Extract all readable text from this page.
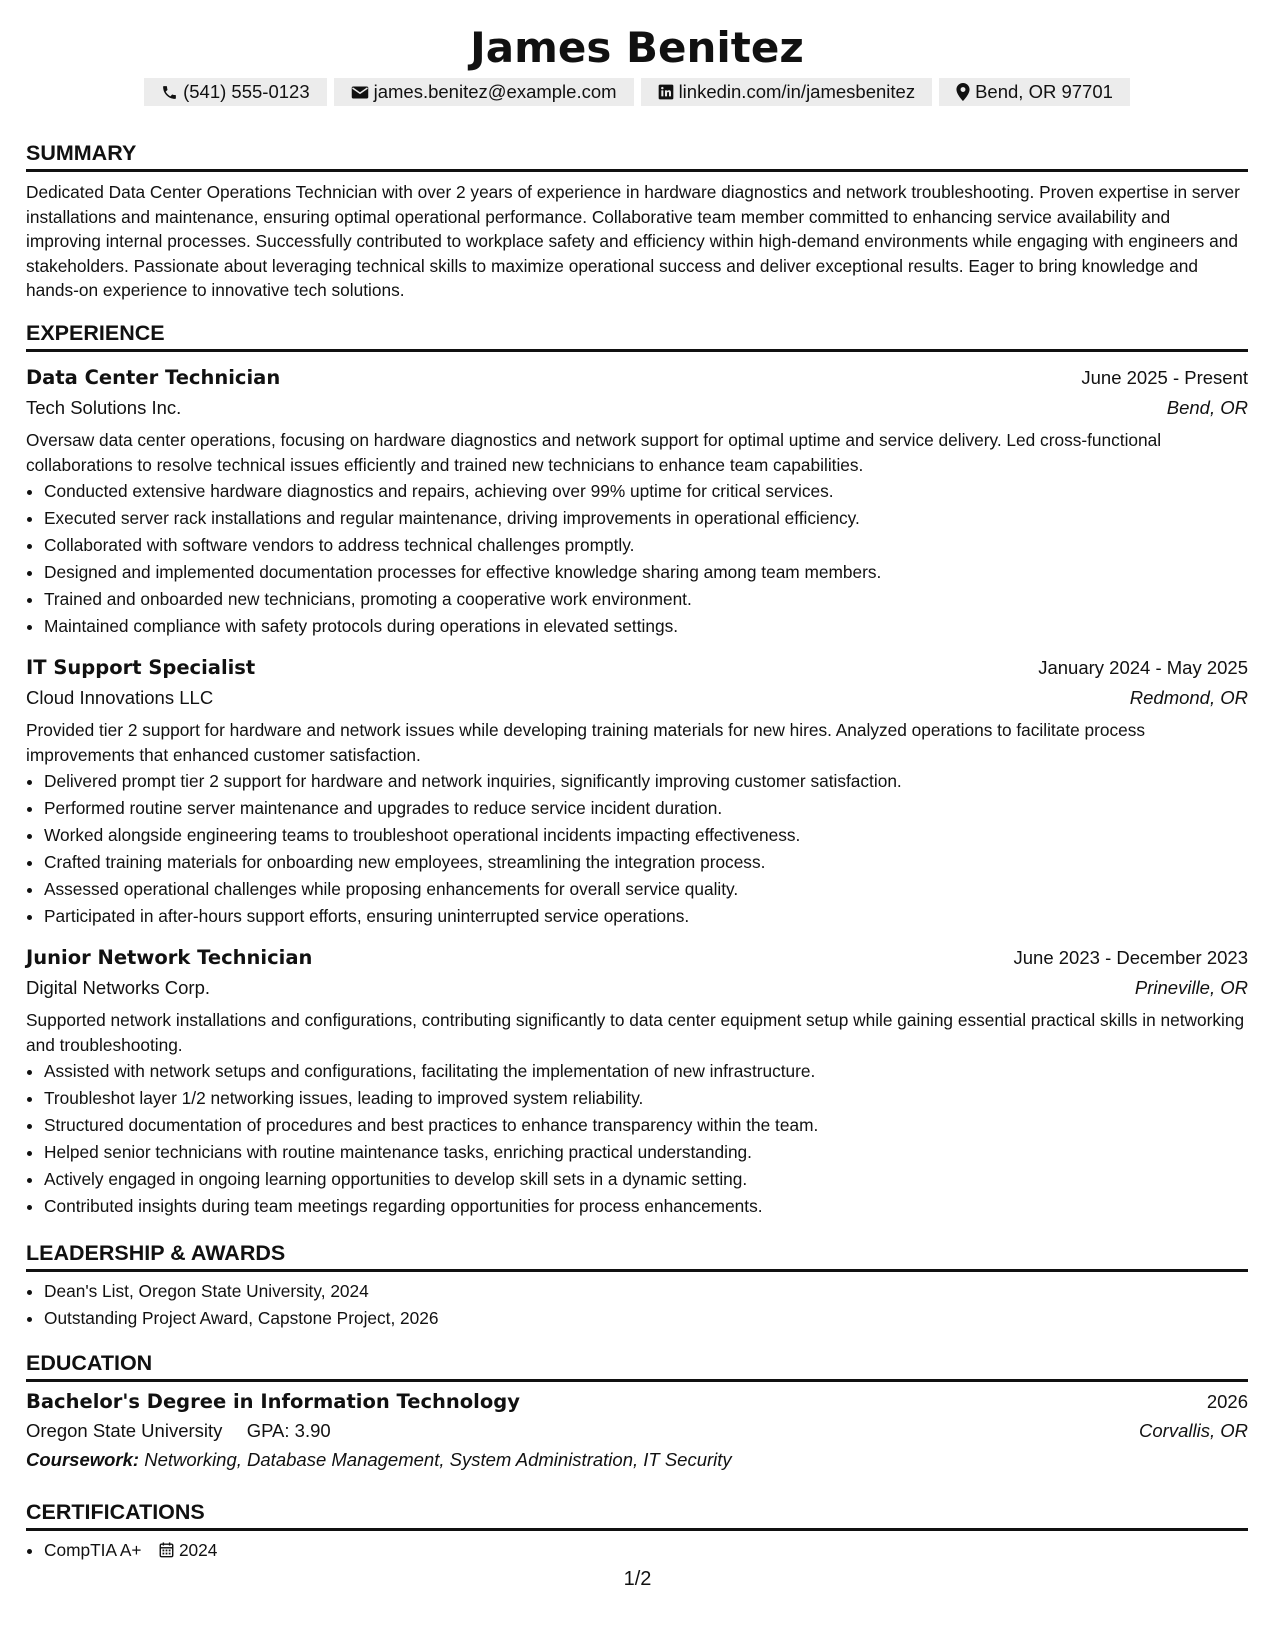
James Benitez
(541) 555-0123	james.benitez@example.com	linkedin.com/in/jamesbenitez	Bend, OR 97701
SUMMARY
Dedicated Data Center Operations Technician with over 2 years of experience in hardware diagnostics and network troubleshooting. Proven expertise in server installations and maintenance, ensuring optimal operational performance. Collaborative team member committed to enhancing service availability and improving internal processes. Successfully contributed to workplace safety and efficiency within high-demand environments while engaging with engineers and stakeholders. Passionate about leveraging technical skills to maximize operational success and deliver exceptional results. Eager to bring knowledge and hands-on experience to innovative tech solutions.
EXPERIENCE
Data Center Technician	June 2025 - Present
Tech Solutions Inc.	Bend, OR
Oversaw data center operations, focusing on hardware diagnostics and network support for optimal uptime and service delivery. Led cross-functional collaborations to resolve technical issues efficiently and trained new technicians to enhance team capabilities.
• Conducted extensive hardware diagnostics and repairs, achieving over 99% uptime for critical services.
• Executed server rack installations and regular maintenance, driving improvements in operational efficiency.
• Collaborated with software vendors to address technical challenges promptly.
• Designed and implemented documentation processes for effective knowledge sharing among team members.
• Trained and onboarded new technicians, promoting a cooperative work environment.
• Maintained compliance with safety protocols during operations in elevated settings.
IT Support Specialist	January 2024 - May 2025
Cloud Innovations LLC	Redmond, OR
Provided tier 2 support for hardware and network issues while developing training materials for new hires. Analyzed operations to facilitate process improvements that enhanced customer satisfaction.
• Delivered prompt tier 2 support for hardware and network inquiries, significantly improving customer satisfaction.
• Performed routine server maintenance and upgrades to reduce service incident duration.
• Worked alongside engineering teams to troubleshoot operational incidents impacting effectiveness.
• Crafted training materials for onboarding new employees, streamlining the integration process.
• Assessed operational challenges while proposing enhancements for overall service quality.
• Participated in after-hours support efforts, ensuring uninterrupted service operations.
Junior Network Technician	June 2023 - December 2023
Digital Networks Corp.	Prineville, OR
Supported network installations and configurations, contributing significantly to data center equipment setup while gaining essential practical skills in networking and troubleshooting.
• Assisted with network setups and configurations, facilitating the implementation of new infrastructure.
• Troubleshot layer 1/2 networking issues, leading to improved system reliability.
• Structured documentation of procedures and best practices to enhance transparency within the team.
• Helped senior technicians with routine maintenance tasks, enriching practical understanding.
• Actively engaged in ongoing learning opportunities to develop skill sets in a dynamic setting.
• Contributed insights during team meetings regarding opportunities for process enhancements.
LEADERSHIP & AWARDS
• Dean's List, Oregon State University, 2024
• Outstanding Project Award, Capstone Project, 2026
EDUCATION
Bachelor's Degree in Information Technology	2026
Oregon State University GPA: 3.90	Corvallis, OR
Coursework: Networking, Database Management, System Administration, IT Security
CERTIFICATIONS
• CompTIA A+ 2024
1/2
